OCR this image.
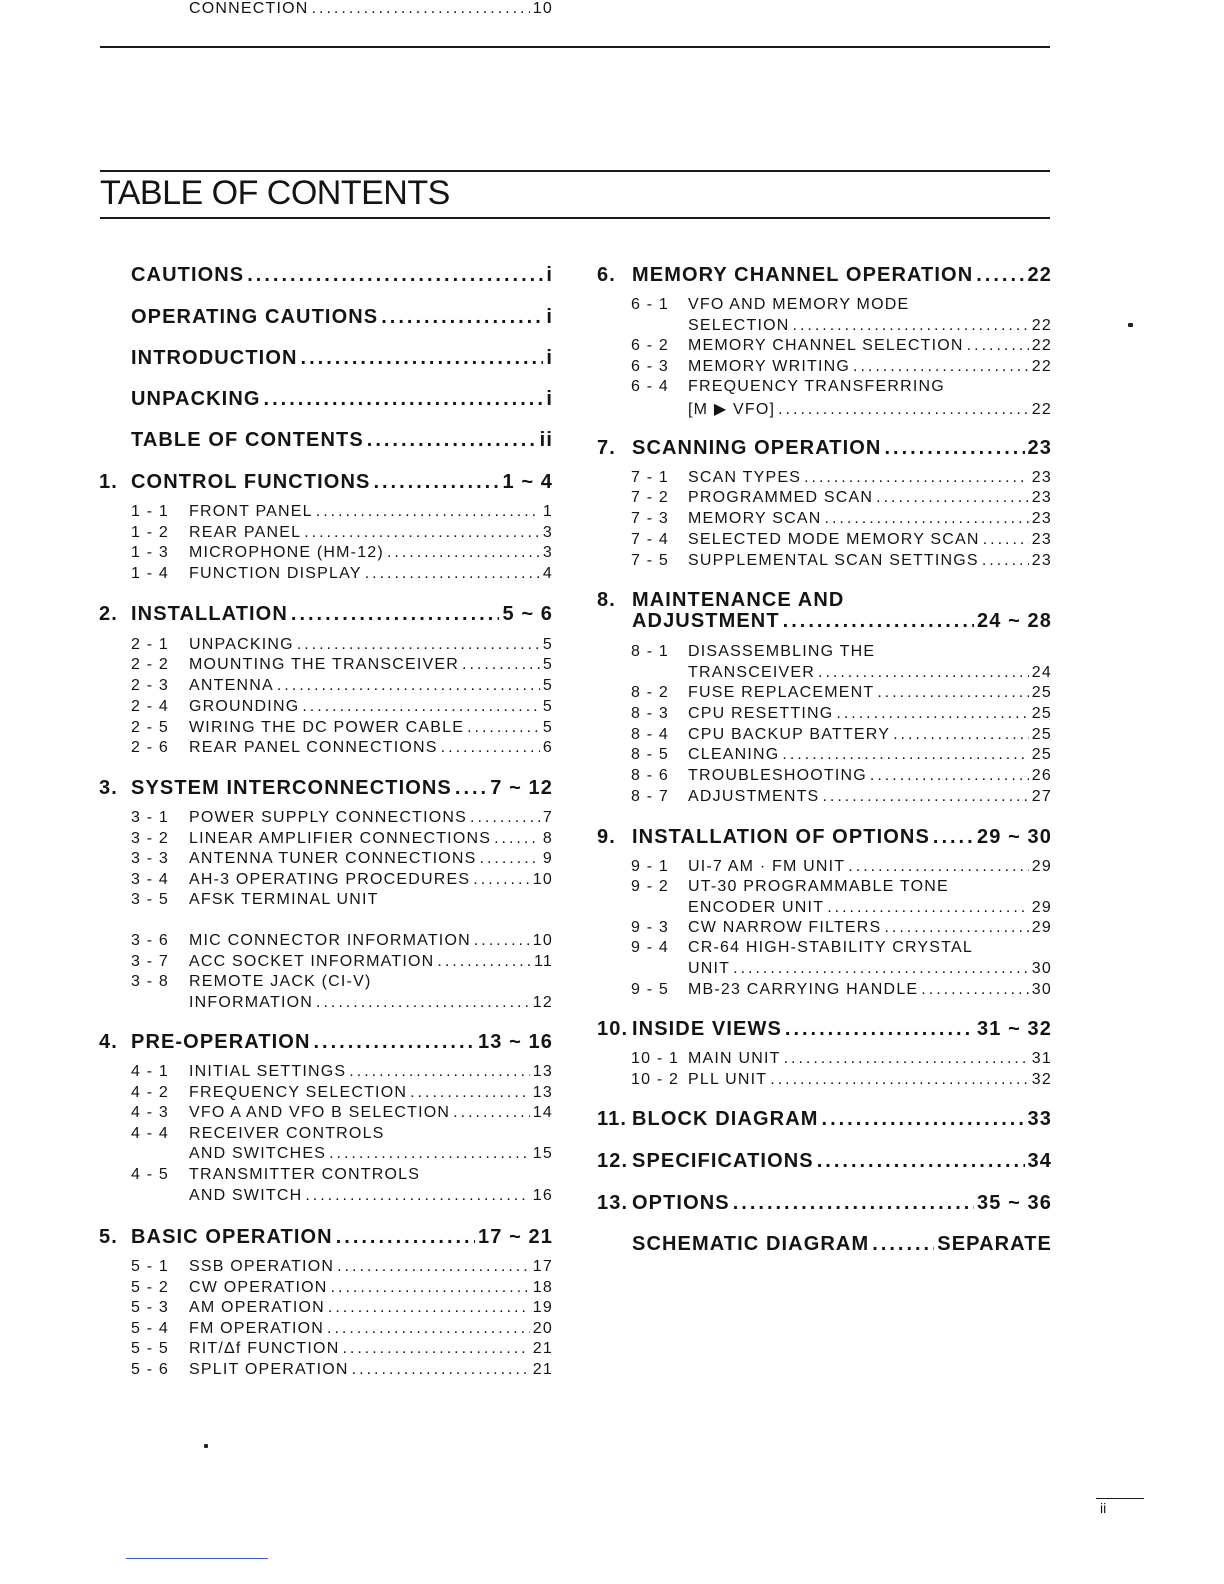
TABLE OF CONTENTS
CAUTIONS .....	i
OPERATING CAUTIONS .....	i
INTRODUCTION .....	i
UNPACKING .....	i
TABLE OF CONTENTS .....	ii
1. CONTROL FUNCTIONS .....	1 ~ 4
1 - 1 FRONT PANEL .....	1
1 - 2 REAR PANEL .....	3
1 - 3 MICROPHONE (HM-12) .....	3
1 - 4 FUNCTION DISPLAY .....	4
2. INSTALLATION .....	5 ~ 6
2 - 1 UNPACKING .....	5
2 - 2 MOUNTING THE TRANSCEIVER .....	5
2 - 3 ANTENNA .....	5
2 - 4 GROUNDING .....	5
2 - 5 WIRING THE DC POWER CABLE .....	5
2 - 6 REAR PANEL CONNECTIONS .....	6
3. SYSTEM INTERCONNECTIONS ..... 7 ~ 12
3 - 1 POWER SUPPLY CONNECTIONS .....	7
3 - 2 LINEAR AMPLIFIER CONNECTIONS .....	8
3 - 3 ANTENNA TUNER CONNECTIONS .....	9
3 - 4 AH-3 OPERATING PROCEDURES .....	10
3 - 5 AFSK TERMINAL UNIT
CONNECTION .....	10
3 - 6 MIC CONNECTOR INFORMATION .....	10
3 - 7 ACC SOCKET INFORMATION .....	11
3 - 8 REMOTE JACK (CI-V)
INFORMATION .....	12
4. PRE-OPERATION .....	13 ~ 16
4 - 1 INITIAL SETTINGS .....	13
4 - 2 FREQUENCY SELECTION .....	13
4 - 3 VFO A AND VFO B SELECTION .....	14
4 - 4 RECEIVER CONTROLS
AND SWITCHES .....	15
4 - 5 TRANSMITTER CONTROLS
AND SWITCH .....	16
5. BASIC OPERATION .....	17 ~ 21
5 - 1 SSB OPERATION .....	17
5 - 2 CW OPERATION .....	18
5 - 3 AM OPERATION .....	19
5 - 4 FM OPERATION .....	20
5 - 5 RIT/Δf FUNCTION .....	21
5 - 6 SPLIT OPERATION .....	21
6. MEMORY CHANNEL OPERATION .....	22
6 - 1 VFO AND MEMORY MODE
SELECTION .....	22
6 - 2 MEMORY CHANNEL SELECTION .....	22
6 - 3 MEMORY WRITING .....	22
6 - 4 FREQUENCY TRANSFERRING
[M ▶ VFO] .....	22
7. SCANNING OPERATION .....	23
7 - 1 SCAN TYPES .....	23
7 - 2 PROGRAMMED SCAN .....	23
7 - 3 MEMORY SCAN .....	23
7 - 4 SELECTED MODE MEMORY SCAN .....	23
7 - 5 SUPPLEMENTAL SCAN SETTINGS .....	23
8. MAINTENANCE AND
ADJUSTMENT .....	24 ~ 28
8 - 1 DISASSEMBLING THE
TRANSCEIVER .....	24
8 - 2 FUSE REPLACEMENT .....	25
8 - 3 CPU RESETTING .....	25
8 - 4 CPU BACKUP BATTERY .....	25
8 - 5 CLEANING .....	25
8 - 6 TROUBLESHOOTING .....	26
8 - 7 ADJUSTMENTS .....	27
9. INSTALLATION OF OPTIONS ..... 29 ~ 30
9 - 1 UI-7 AM · FM UNIT .....	29
9 - 2 UT-30 PROGRAMMABLE TONE
ENCODER UNIT .....	29
9 - 3 CW NARROW FILTERS .....	29
9 - 4 CR-64 HIGH-STABILITY CRYSTAL
UNIT .....	30
9 - 5 MB-23 CARRYING HANDLE .....	30
10. INSIDE VIEWS .....	31 ~ 32
10 - 1 MAIN UNIT .....	31
10 - 2 PLL UNIT .....	32
11. BLOCK DIAGRAM .....	33
12. SPECIFICATIONS .....	34
13. OPTIONS .....	35 ~ 36
SCHEMATIC DIAGRAM .....	SEPARATE
ii
